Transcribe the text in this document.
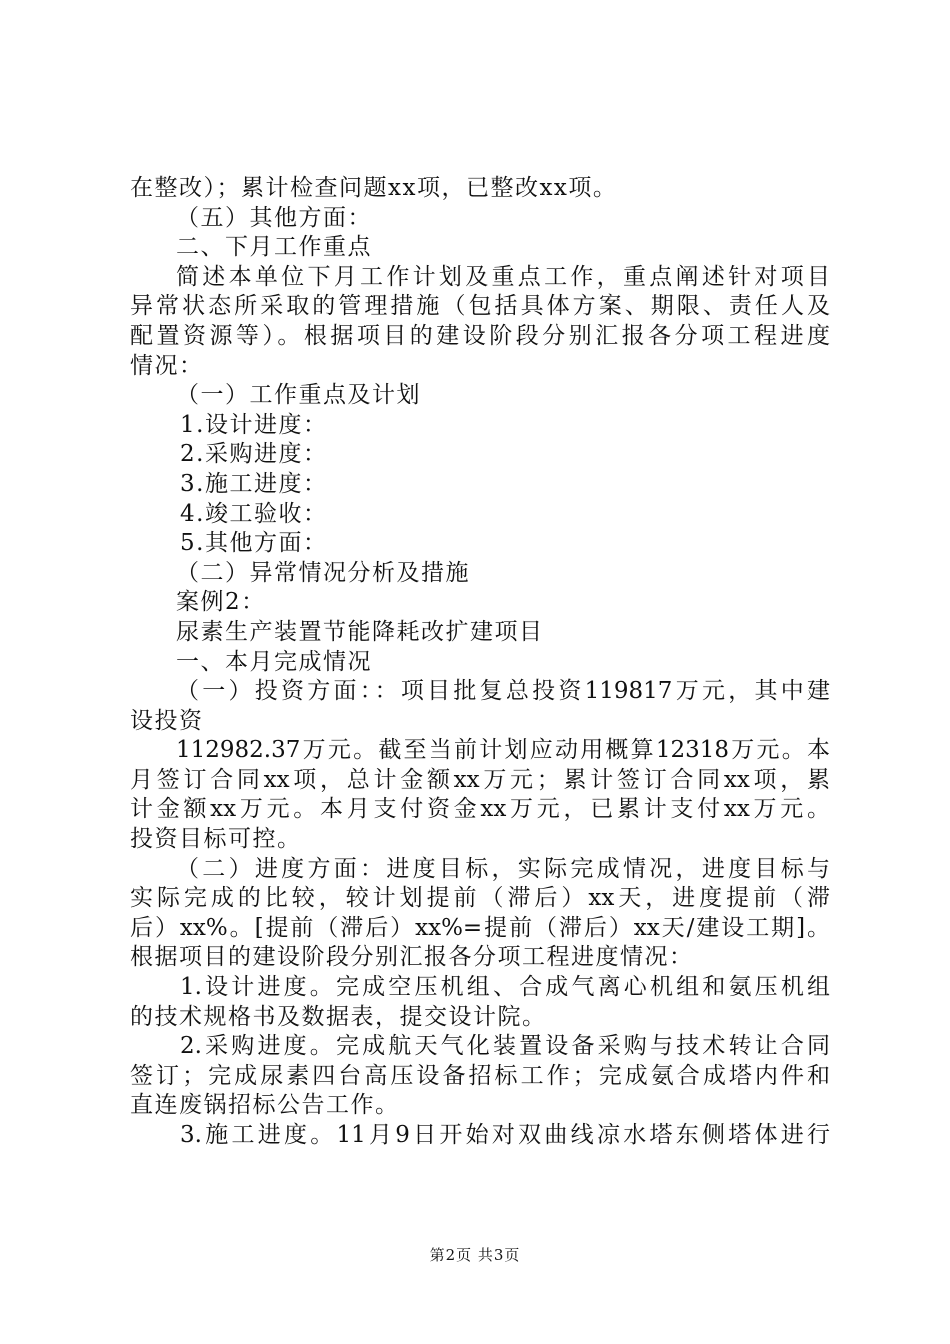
在整改）；累计检查问题xx项，已整改xx项。
（五）其他方面：
二、下月工作重点
简述本单位下月工作计划及重点工作，重点阐述针对项目
异常状态所采取的管理措施（包括具体方案、期限、责任人及
配置资源等）。根据项目的建设阶段分别汇报各分项工程进度
情况：
（一）工作重点及计划
1.设计进度：
2.采购进度：
3.施工进度：
4.竣工验收：
5.其他方面：
（二）异常情况分析及措施
案例2：
尿素生产装置节能降耗改扩建项目
一、本月完成情况
（一）投资方面：：项目批复总投资119817万元，其中建
设投资
112982.37万元。截至当前计划应动用概算12318万元。本
月签订合同xx项，总计金额xx万元；累计签订合同xx项，累
计金额xx万元。本月支付资金xx万元，已累计支付xx万元。
投资目标可控。
（二）进度方面：进度目标，实际完成情况，进度目标与
实际完成的比较，较计划提前（滞后）xx天，进度提前（滞
后）xx%。[提前（滞后）xx%=提前（滞后）xx天/建设工期]。
根据项目的建设阶段分别汇报各分项工程进度情况：
1.设计进度。完成空压机组、合成气离心机组和氨压机组
的技术规格书及数据表，提交设计院。
2.采购进度。完成航天气化装置设备采购与技术转让合同
签订；完成尿素四台高压设备招标工作；完成氨合成塔内件和
直连废锅招标公告工作。
3.施工进度。11月9日开始对双曲线凉水塔东侧塔体进行
第2页 共3页
